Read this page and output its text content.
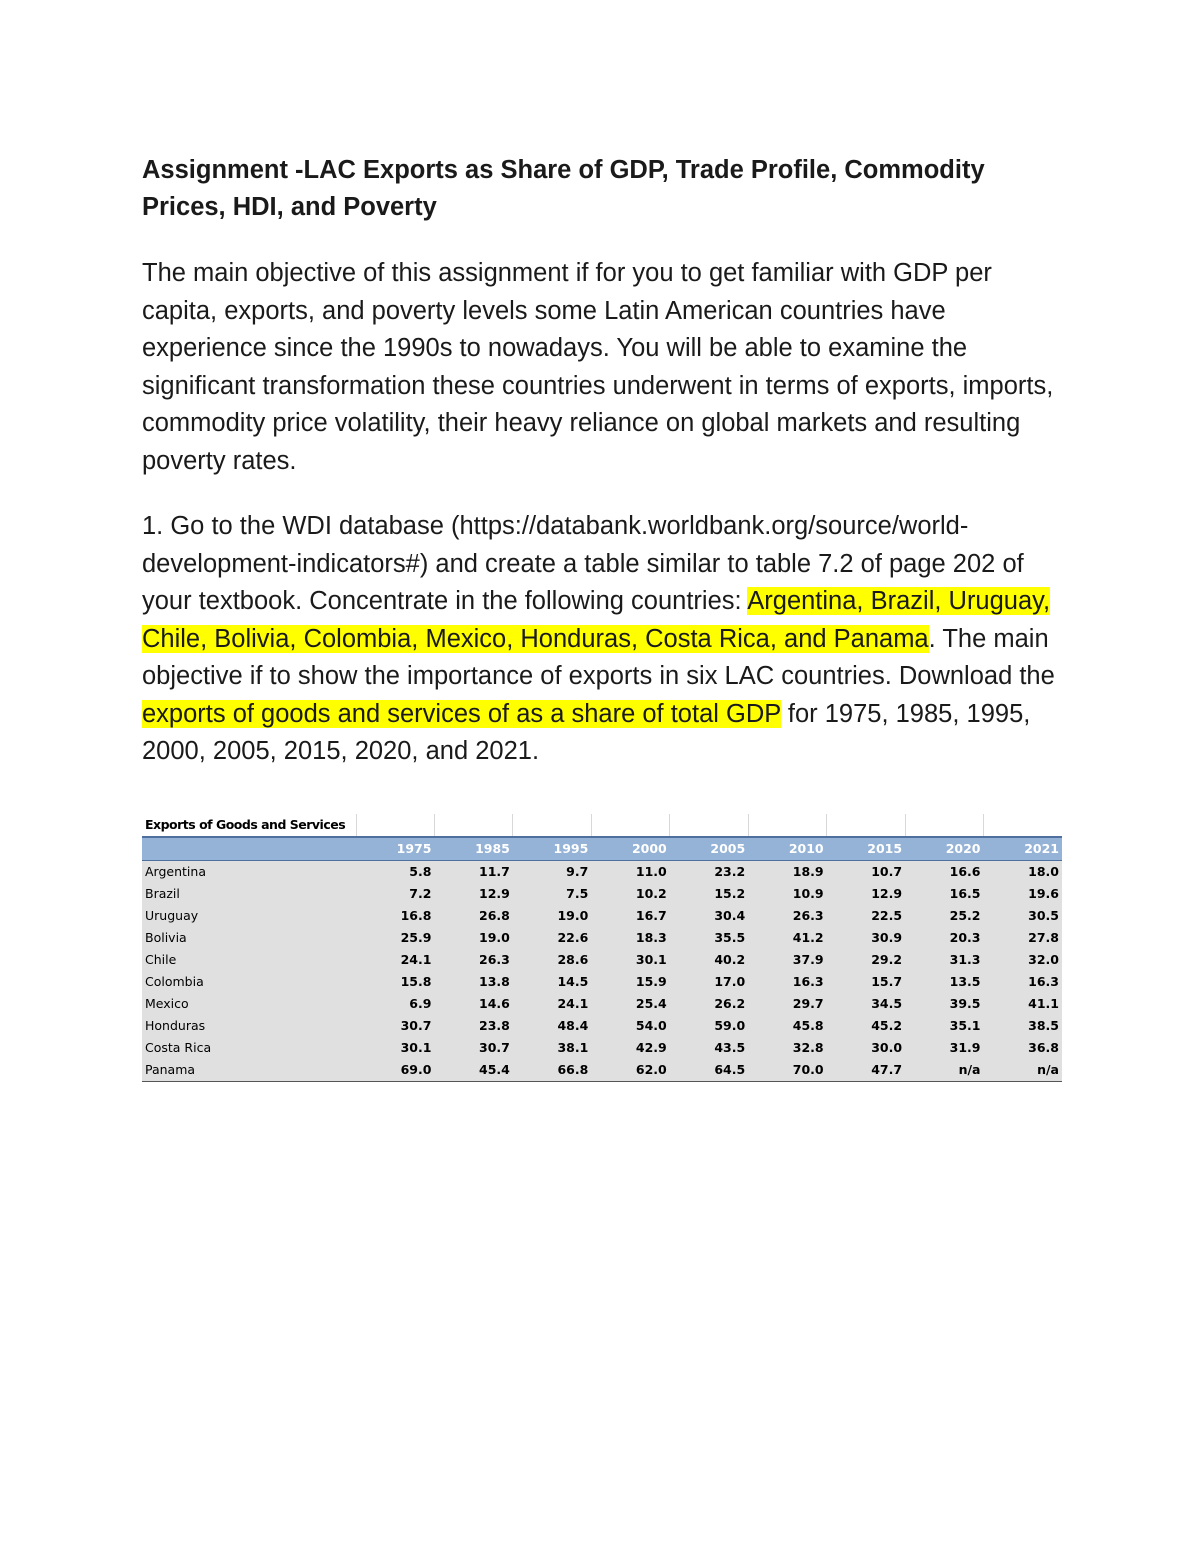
Assignment -LAC Exports as Share of GDP, Trade Profile, Commodity Prices, HDI, and Poverty

The main objective of this assignment if for you to get familiar with GDP per capita, exports, and poverty levels some Latin American countries have experience since the 1990s to nowadays. You will be able to examine the significant transformation these countries underwent in terms of exports, imports, commodity price volatility, their heavy reliance on global markets and resulting poverty rates.

1. Go to the WDI database (https://databank.worldbank.org/source/world-development-indicators#) and create a table similar to table 7.2 of page 202 of your textbook. Concentrate in the following countries: Argentina, Brazil, Uruguay, Chile, Bolivia, Colombia, Mexico, Honduras, Costa Rica, and Panama. The main objective if to show the importance of exports in six LAC countries. Download the exports of goods and services of as a share of total GDP for 1975, 1985, 1995, 2000, 2005, 2015, 2020, and 2021.

Exports of Goods and Services									
	1975	1985	1995	2000	2005	2010	2015	2020	2021
Argentina	5.8	11.7	9.7	11.0	23.2	18.9	10.7	16.6	18.0
Brazil	7.2	12.9	7.5	10.2	15.2	10.9	12.9	16.5	19.6
Uruguay	16.8	26.8	19.0	16.7	30.4	26.3	22.5	25.2	30.5
Bolivia	25.9	19.0	22.6	18.3	35.5	41.2	30.9	20.3	27.8
Chile	24.1	26.3	28.6	30.1	40.2	37.9	29.2	31.3	32.0
Colombia	15.8	13.8	14.5	15.9	17.0	16.3	15.7	13.5	16.3
Mexico	6.9	14.6	24.1	25.4	26.2	29.7	34.5	39.5	41.1
Honduras	30.7	23.8	48.4	54.0	59.0	45.8	45.2	35.1	38.5
Costa Rica	30.1	30.7	38.1	42.9	43.5	32.8	30.0	31.9	36.8
Panama	69.0	45.4	66.8	62.0	64.5	70.0	47.7	n/a	n/a
